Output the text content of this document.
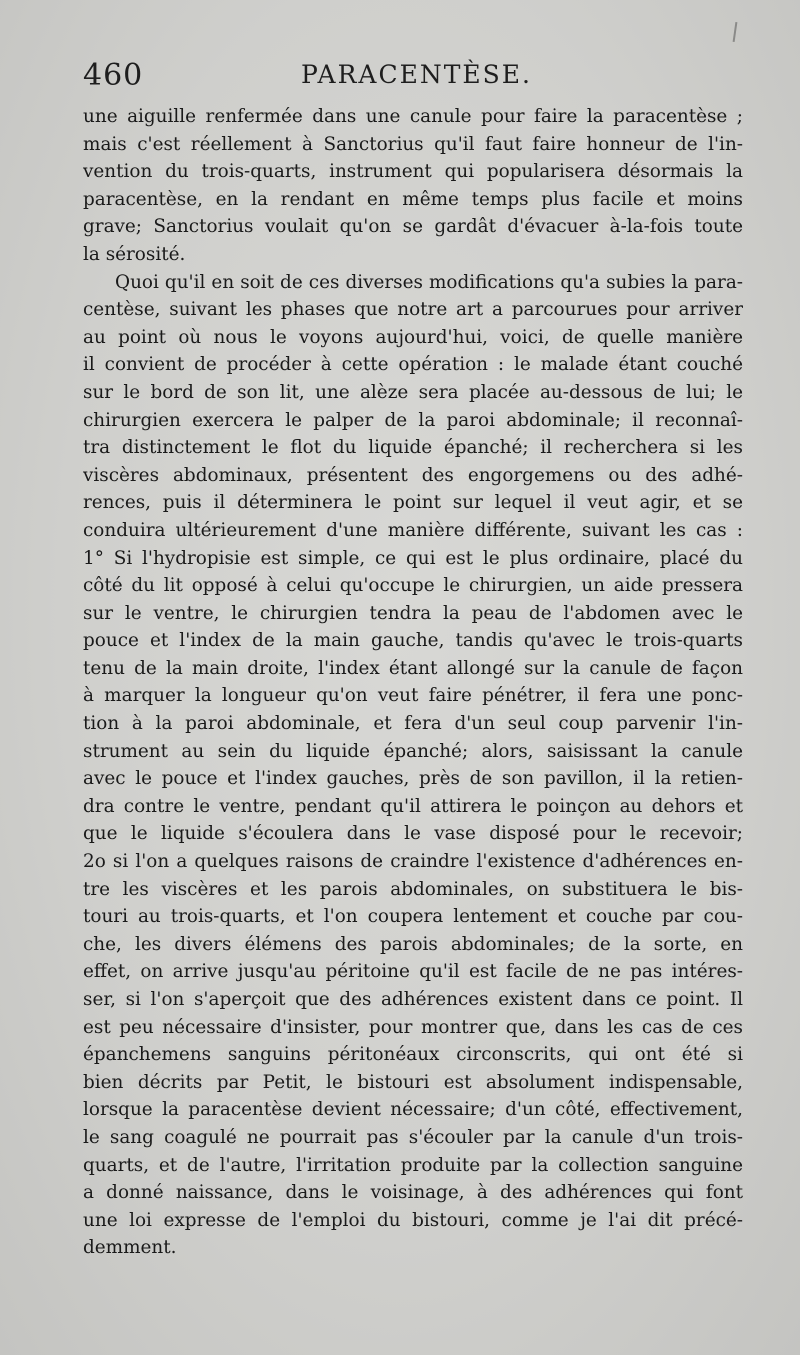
460	PARACENTÈSE.
une aiguille renfermée dans une canule pour faire la paracentèse ;
mais c'est réellement à Sanctorius qu'il faut faire honneur de l'in-
vention du trois-quarts, instrument qui popularisera désormais la
paracentèse, en la rendant en même temps plus facile et moins
grave; Sanctorius voulait qu'on se gardât d'évacuer à-la-fois toute
la sérosité.
Quoi qu'il en soit de ces diverses modifications qu'a subies la para-
centèse, suivant les phases que notre art a parcourues pour arriver
au point où nous le voyons aujourd'hui, voici, de quelle manière
il convient de procéder à cette opération : le malade étant couché
sur le bord de son lit, une alèze sera placée au-dessous de lui; le
chirurgien exercera le palper de la paroi abdominale; il reconnaî-
tra distinctement le flot du liquide épanché; il recherchera si les
viscères abdominaux, présentent des engorgemens ou des adhé-
rences, puis il déterminera le point sur lequel il veut agir, et se
conduira ultérieurement d'une manière différente, suivant les cas :
1° Si l'hydropisie est simple, ce qui est le plus ordinaire, placé du
côté du lit opposé à celui qu'occupe le chirurgien, un aide pressera
sur le ventre, le chirurgien tendra la peau de l'abdomen avec le
pouce et l'index de la main gauche, tandis qu'avec le trois-quarts
tenu de la main droite, l'index étant allongé sur la canule de façon
à marquer la longueur qu'on veut faire pénétrer, il fera une ponc-
tion à la paroi abdominale, et fera d'un seul coup parvenir l'in-
strument au sein du liquide épanché; alors, saisissant la canule
avec le pouce et l'index gauches, près de son pavillon, il la retien-
dra contre le ventre, pendant qu'il attirera le poinçon au dehors et
que le liquide s'écoulera dans le vase disposé pour le recevoir;
2o si l'on a quelques raisons de craindre l'existence d'adhérences en-
tre les viscères et les parois abdominales, on substituera le bis-
touri au trois-quarts, et l'on coupera lentement et couche par cou-
che, les divers élémens des parois abdominales; de la sorte, en
effet, on arrive jusqu'au péritoine qu'il est facile de ne pas intéres-
ser, si l'on s'aperçoit que des adhérences existent dans ce point. Il
est peu nécessaire d'insister, pour montrer que, dans les cas de ces
épanchemens sanguins péritonéaux circonscrits, qui ont été si
bien décrits par Petit, le bistouri est absolument indispensable,
lorsque la paracentèse devient nécessaire; d'un côté, effectivement,
le sang coagulé ne pourrait pas s'écouler par la canule d'un trois-
quarts, et de l'autre, l'irritation produite par la collection sanguine
a donné naissance, dans le voisinage, à des adhérences qui font
une loi expresse de l'emploi du bistouri, comme je l'ai dit précé-
demment.
